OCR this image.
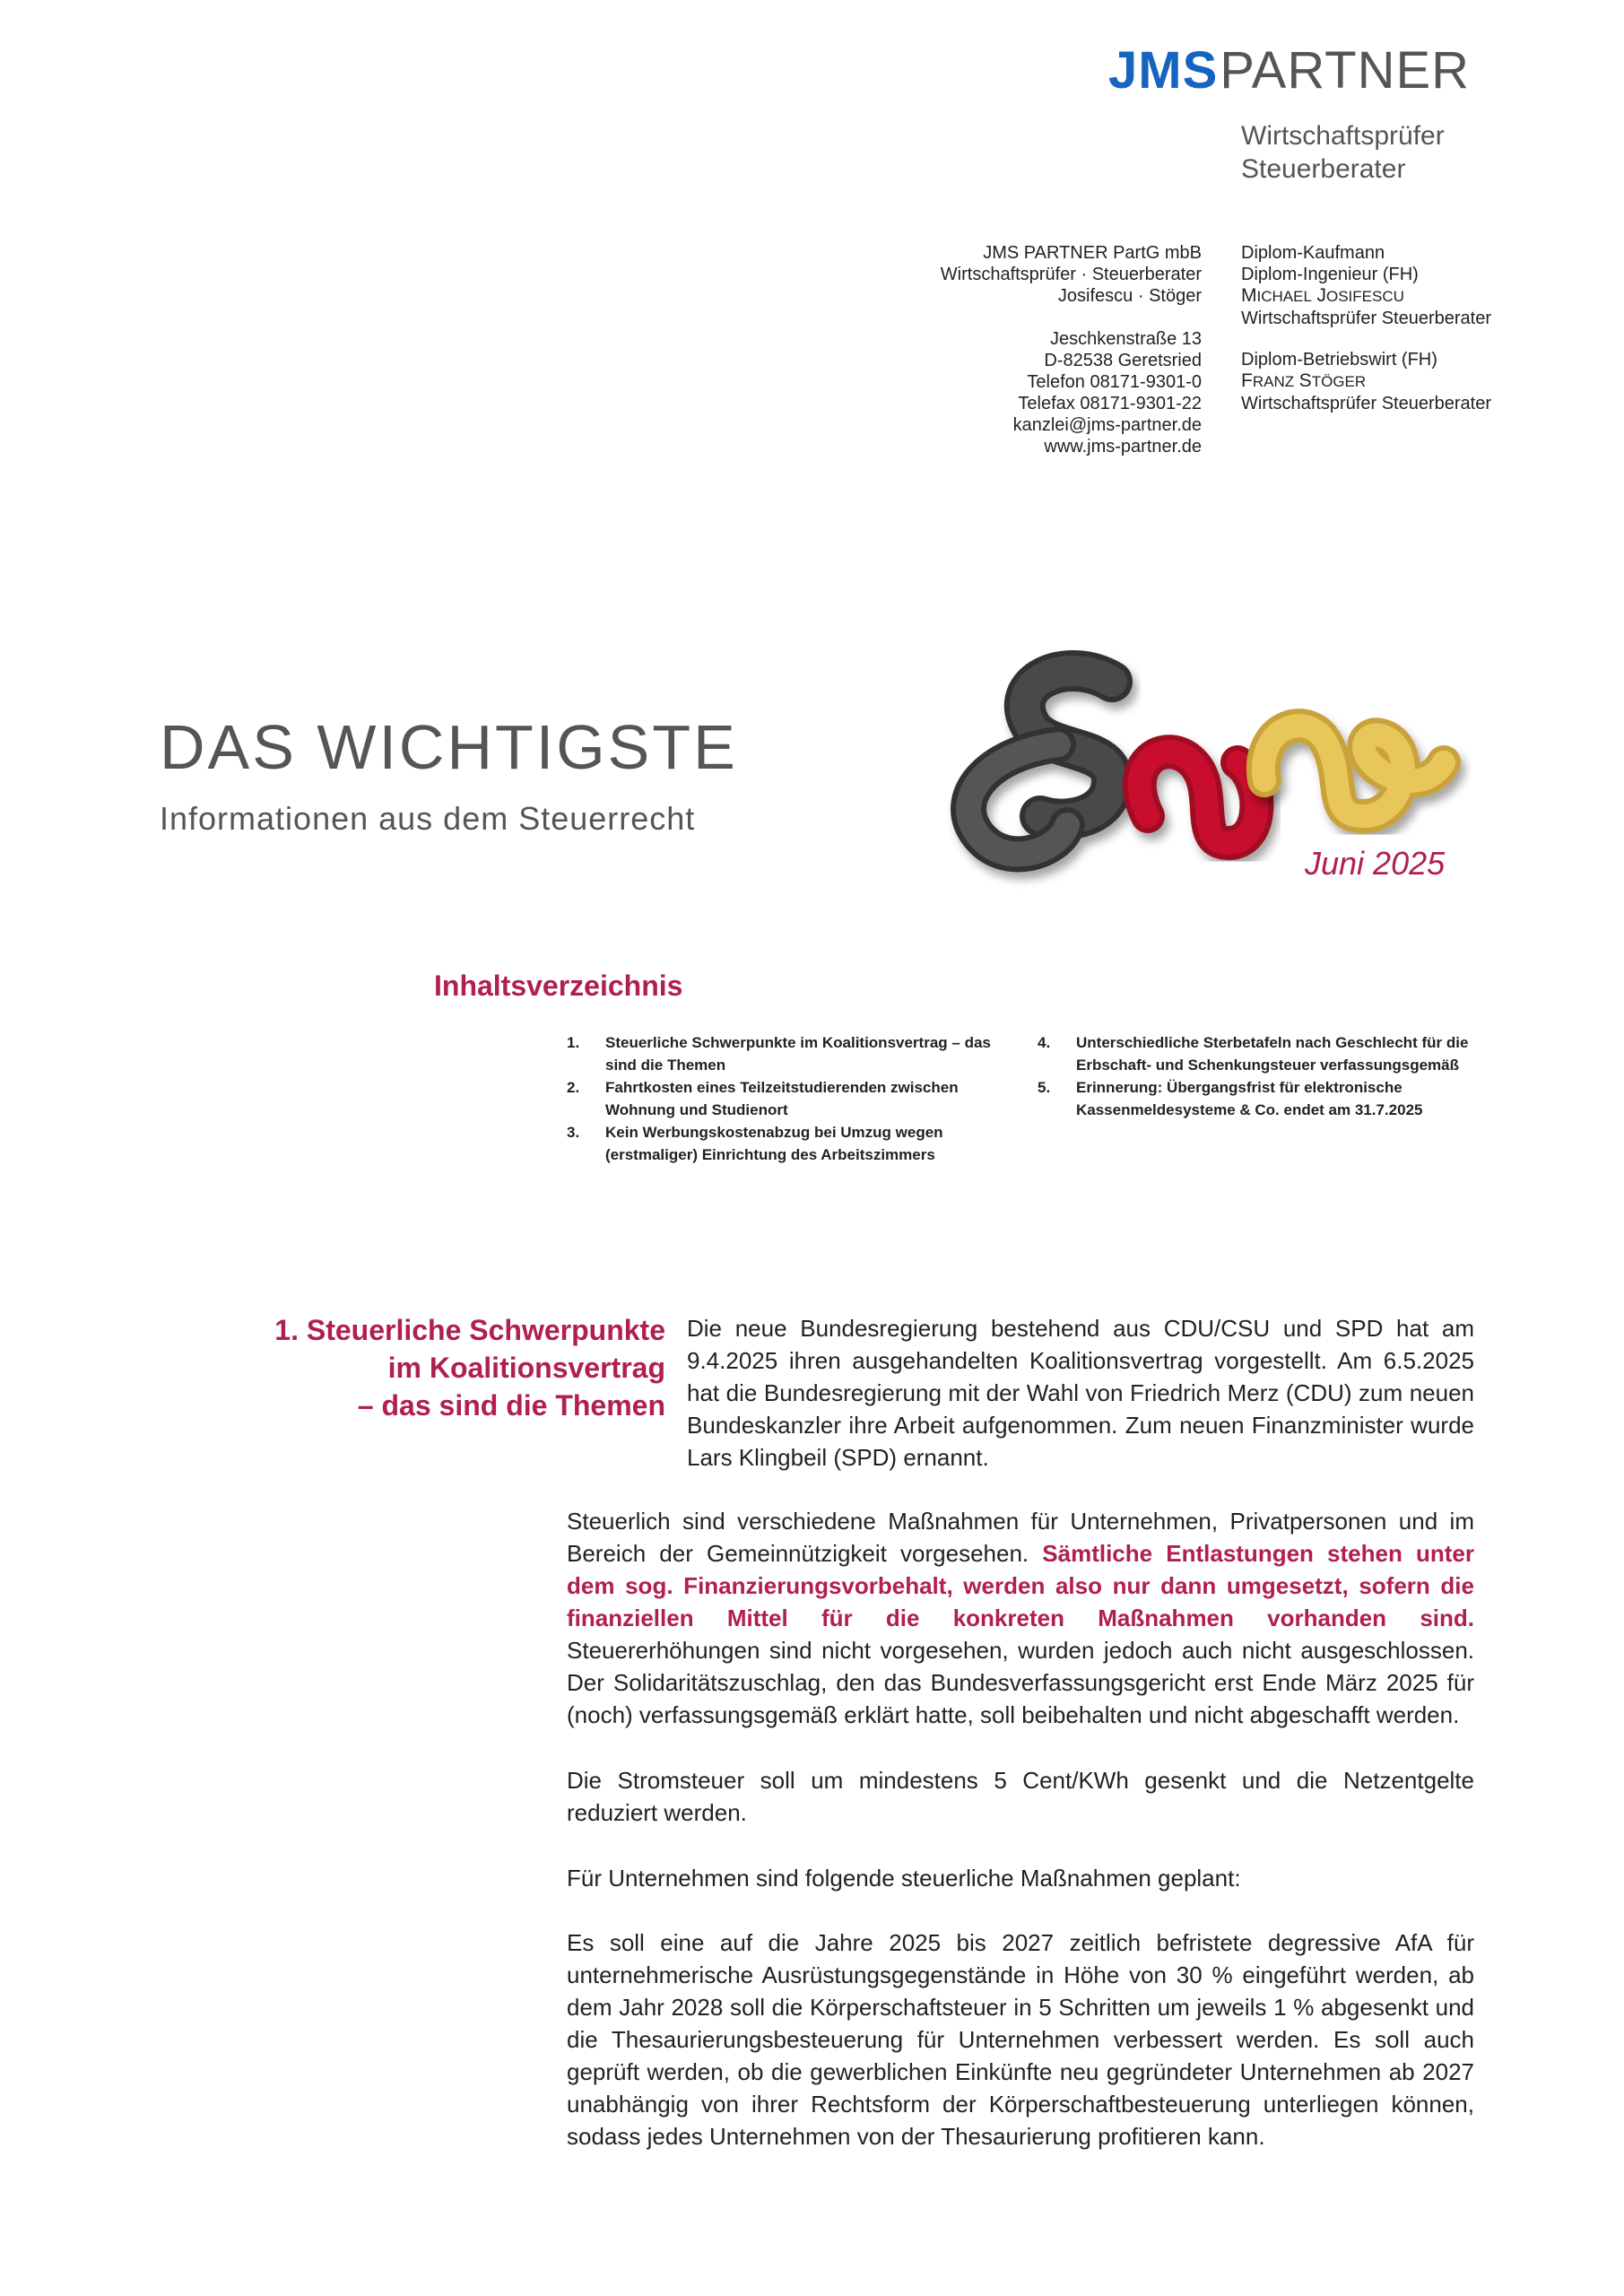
JMSPARTNER
Wirtschaftsprüfer
Steuerberater
JMS PARTNER PartG mbB
Wirtschaftsprüfer · Steuerberater
Josifescu · Stöger
Jeschkenstraße 13
D-82538 Geretsried
Telefon 08171-9301-0
Telefax 08171-9301-22
kanzlei@jms-partner.de
www.jms-partner.de
Diplom-Kaufmann
Diplom-Ingenieur (FH)
MICHAEL JOSIFESCU
Wirtschaftsprüfer Steuerberater
Diplom-Betriebswirt (FH)
FRANZ STÖGER
Wirtschaftsprüfer Steuerberater
DAS WICHTIGSTE
Informationen aus dem Steuerrecht
Juni 2025
Inhaltsverzeichnis
1.	Steuerliche Schwerpunkte im Koalitionsvertrag – das sind die Themen
2.	Fahrtkosten eines Teilzeitstudierenden zwischen Wohnung und Studienort
3.	Kein Werbungskostenabzug bei Umzug wegen (erstmaliger) Einrichtung des Arbeitszimmers
4.	Unterschiedliche Sterbetafeln nach Geschlecht für die Erbschaft- und Schenkungsteuer verfassungsgemäß
5.	Erinnerung: Übergangsfrist für elektronische Kassenmeldesysteme & Co. endet am 31.7.2025
1. Steuerliche Schwerpunkte
im Koalitionsvertrag
– das sind die Themen
Die neue Bundesregierung bestehend aus CDU/CSU und SPD hat am 9.4.2025 ihren ausgehandelten Koalitionsvertrag vorgestellt. Am 6.5.2025 hat die Bundesregierung mit der Wahl von Friedrich Merz (CDU) zum neuen Bundeskanzler ihre Arbeit aufgenommen. Zum neuen Finanzminister wurde Lars Klingbeil (SPD) ernannt.
Steuerlich sind verschiedene Maßnahmen für Unternehmen, Privatpersonen und im Bereich der Gemeinnützigkeit vorgesehen. Sämtliche Entlastungen stehen unter dem sog. Finanzierungsvorbehalt, werden also nur dann umgesetzt, sofern die finanziellen Mittel für die konkreten Maßnahmen vorhanden sind. Steuererhöhungen sind nicht vorgesehen, wurden jedoch auch nicht ausgeschlossen. Der Solidaritätszuschlag, den das Bundesverfassungsgericht erst Ende März 2025 für (noch) verfassungsgemäß erklärt hatte, soll beibehalten und nicht abgeschafft werden.
Die Stromsteuer soll um mindestens 5 Cent/KWh gesenkt und die Netzentgelte reduziert werden.
Für Unternehmen sind folgende steuerliche Maßnahmen geplant:
Es soll eine auf die Jahre 2025 bis 2027 zeitlich befristete degressive AfA für unternehmerische Ausrüstungsgegenstände in Höhe von 30 % eingeführt werden, ab dem Jahr 2028 soll die Körperschaftsteuer in 5 Schritten um jeweils 1 % abgesenkt und die Thesaurierungsbesteuerung für Unternehmen verbessert werden. Es soll auch geprüft werden, ob die gewerblichen Einkünfte neu gegründeter Unternehmen ab 2027 unabhängig von ihrer Rechtsform der Körperschaftbesteuerung unterliegen können, sodass jedes Unternehmen von der Thesaurierung profitieren kann.
